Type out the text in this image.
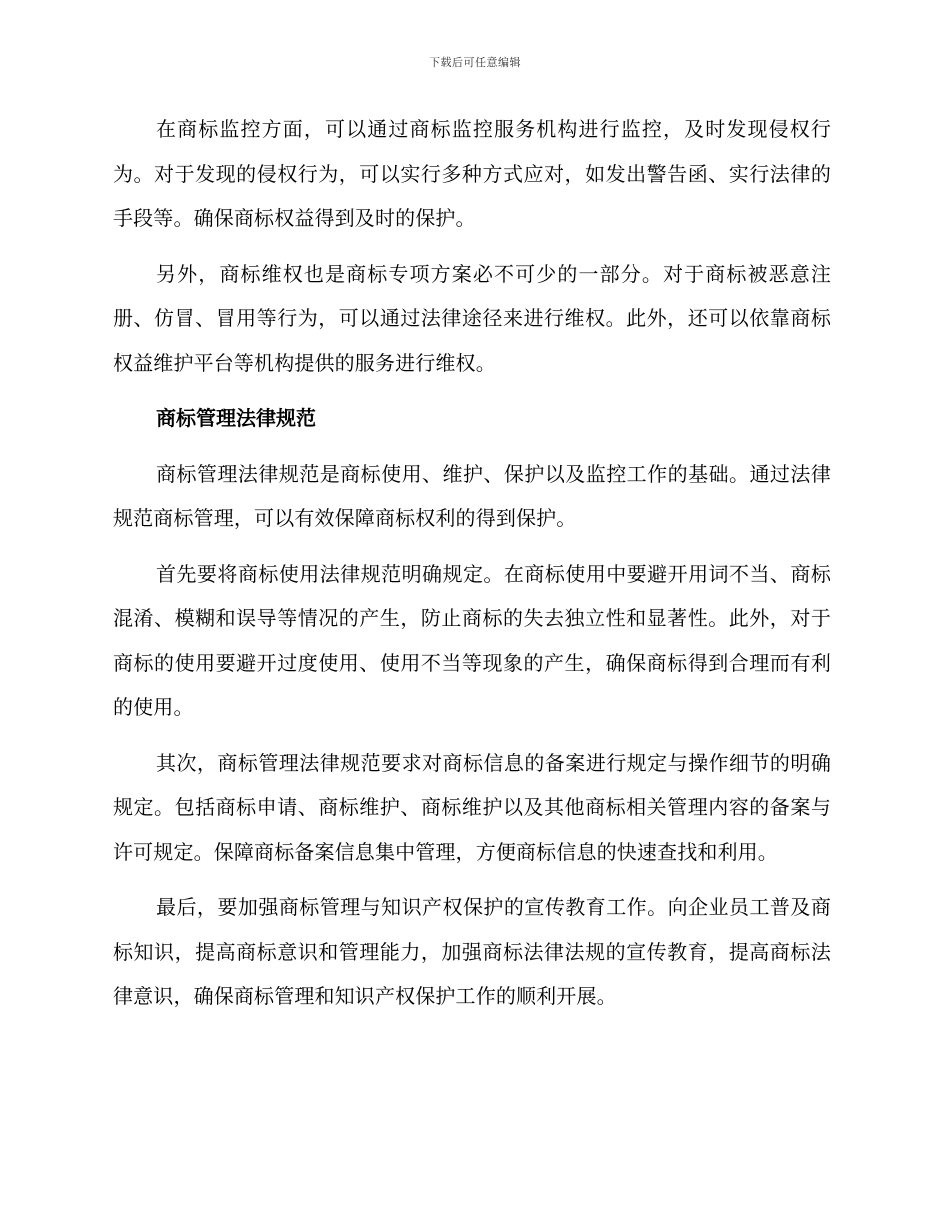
下载后可任意编辑

在商标监控方面，可以通过商标监控服务机构进行监控，及时发现侵权行为。对于发现的侵权行为，可以实行多种方式应对，如发出警告函、实行法律的手段等。确保商标权益得到及时的保护。

另外，商标维权也是商标专项方案必不可少的一部分。对于商标被恶意注册、仿冒、冒用等行为，可以通过法律途径来进行维权。此外，还可以依靠商标权益维护平台等机构提供的服务进行维权。

商标管理法律规范

商标管理法律规范是商标使用、维护、保护以及监控工作的基础。通过法律规范商标管理，可以有效保障商标权利的得到保护。

首先要将商标使用法律规范明确规定。在商标使用中要避开用词不当、商标混淆、模糊和误导等情况的产生，防止商标的失去独立性和显著性。此外，对于商标的使用要避开过度使用、使用不当等现象的产生，确保商标得到合理而有利的使用。

其次，商标管理法律规范要求对商标信息的备案进行规定与操作细节的明确规定。包括商标申请、商标维护、商标维护以及其他商标相关管理内容的备案与许可规定。保障商标备案信息集中管理，方便商标信息的快速查找和利用。

最后，要加强商标管理与知识产权保护的宣传教育工作。向企业员工普及商标知识，提高商标意识和管理能力，加强商标法律法规的宣传教育，提高商标法律意识，确保商标管理和知识产权保护工作的顺利开展。
